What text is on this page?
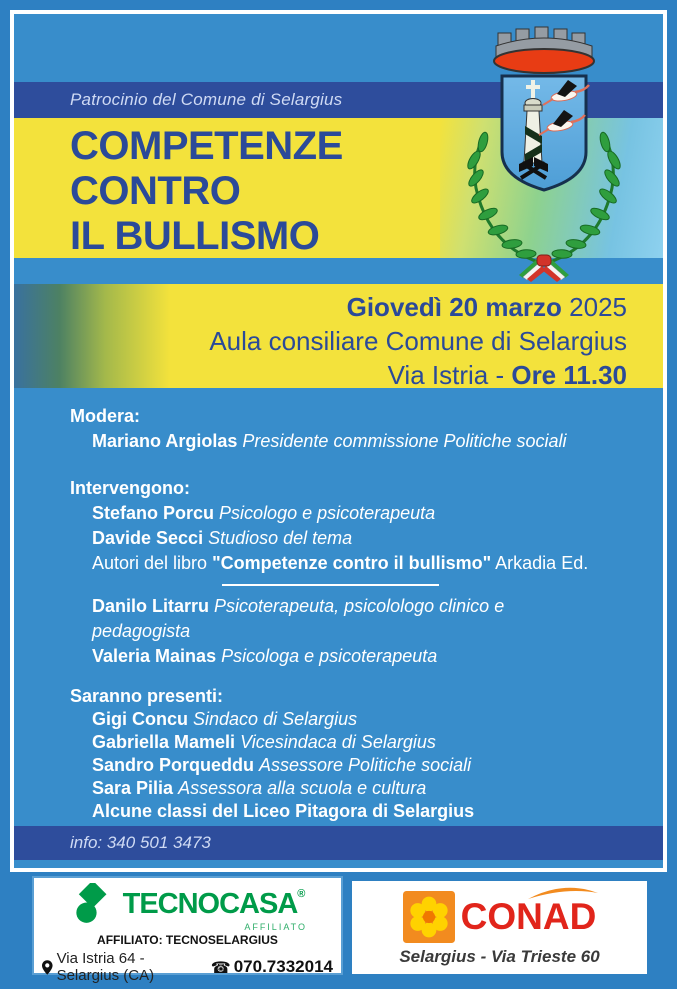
Patrocinio del Comune di Selargius
COMPETENZE
CONTRO
IL BULLISMO
Giovedì 20 marzo 2025
Aula consiliare Comune di Selargius
Via Istria - Ore 11.30
Modera:
Mariano Argiolas Presidente commissione Politiche sociali
Intervengono:
Stefano Porcu Psicologo e psicoterapeuta
Davide Secci Studioso del tema
Autori del libro "Competenze contro il bullismo" Arkadia Ed.
Danilo Litarru Psicoterapeuta, psicolologo clinico e pedagogista
Valeria Mainas Psicologa e psicoterapeuta
Saranno presenti:
Gigi Concu Sindaco di Selargius
Gabriella Mameli Vicesindaca di Selargius
Sandro Porqueddu Assessore Politiche sociali
Sara Pilia Assessora alla scuola e cultura
Alcune classi del Liceo Pitagora di Selargius
info: 340 501 3473
TECNOCASA®
AFFILIATO
AFFILIATO: TECNOSELARGIUS
Via Istria 64 - Selargius (CA)	☎ 070.7332014
CONAD
Selargius - Via Trieste 60
